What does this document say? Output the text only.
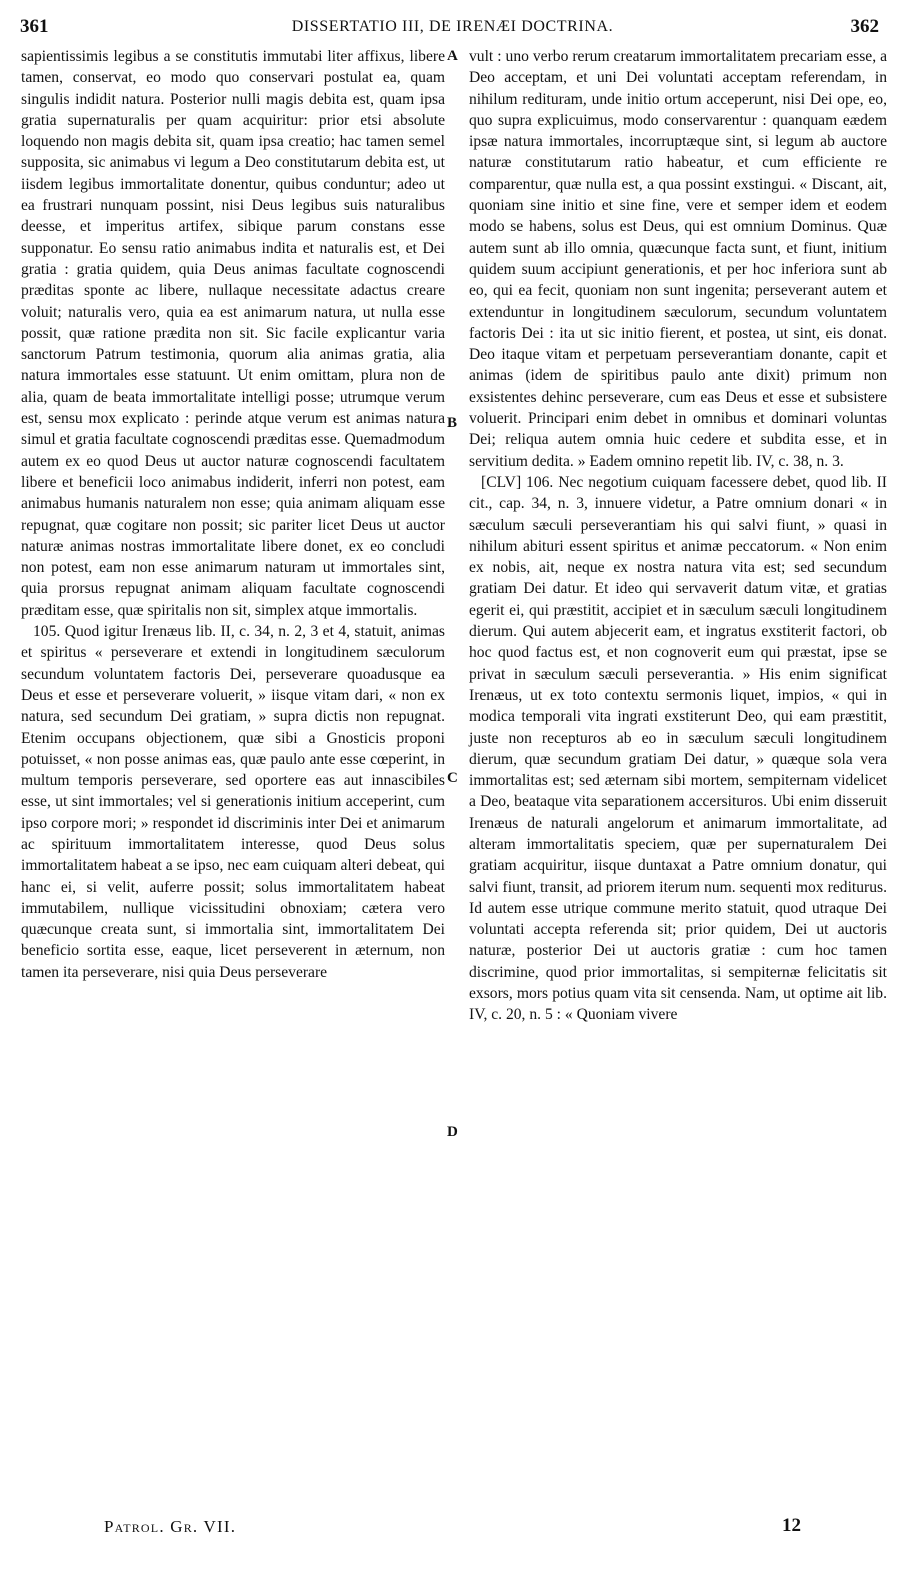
361	DISSERTATIO III, DE IRENÆI DOCTRINA.	362

sapientissimis legibus a se constitutis immutabi liter affixus, libere tamen, conservat, eo modo quo conservari postulat ea, quam singulis indidit natura. Posterior nulli magis debita est, quam ipsa gratia supernaturalis per quam acquiritur: prior etsi absolute loquendo non magis debita sit, quam ipsa creatio; hac tamen semel supposita, sic animabus vi legum a Deo constitutarum debita est, ut iisdem legibus immortalitate donentur, quibus conduntur; adeo ut ea frustrari nunquam possint, nisi Deus legibus suis naturalibus deesse, et imperitus artifex, sibique parum constans esse supponatur. Eo sensu ratio animabus indita et naturalis est, et Dei gratia : gratia quidem, quia Deus animas facultate cognoscendi præditas sponte ac libere, nullaque necessitate adactus creare voluit; naturalis vero, quia ea est animarum natura, ut nulla esse possit, quæ ratione prædita non sit. Sic facile explicantur varia sanctorum Patrum testimonia, quorum alia animas gratia, alia natura immortales esse statuunt. Ut enim omittam, plura non de alia, quam de beata immortalitate intelligi posse; utrumque verum est, sensu mox explicato : perinde atque verum est animas natura simul et gratia facultate cognoscendi præditas esse. Quemadmodum autem ex eo quod Deus ut auctor naturæ cognoscendi facultatem libere et beneficii loco animabus indiderit, inferri non potest, eam animabus humanis naturalem non esse; quia animam aliquam esse repugnat, quæ cogitare non possit; sic pariter licet Deus ut auctor naturæ animas nostras immortalitate libere donet, ex eo concludi non potest, eam non esse animarum naturam ut immortales sint, quia prorsus repugnat animam aliquam facultate cognoscendi præditam esse, quæ spiritalis non sit, simplex atque immortalis.

105. Quod igitur Irenæus lib. II, c. 34, n. 2, 3 et 4, statuit, animas et spiritus « perseverare et extendi in longitudinem sæculorum secundum voluntatem factoris Dei, perseverare quoadusque ea Deus et esse et perseverare voluerit, » iisque vitam dari, « non ex natura, sed secundum Dei gratiam, » supra dictis non repugnat. Etenim occupans objectionem, quæ sibi a Gnosticis proponi potuisset, « non posse animas eas, quæ paulo ante esse cœperint, in multum temporis perseverare, sed oportere eas aut innascibiles esse, ut sint immortales; vel si generationis initium acceperint, cum ipso corpore mori; » respondet id discriminis inter Dei et animarum ac spirituum immortalitatem interesse, quod Deus solus immortalitatem habeat a se ipso, nec eam cuiquam alteri debeat, qui hanc ei, si velit, auferre possit; solus immortalitatem habeat immutabilem, nullique vicissitudini obnoxiam; cætera vero quæcunque creata sunt, si immortalia sint, immortalitatem Dei beneficio sortita esse, eaque, licet perseverent in æternum, non tamen ita perseverare, nisi quia Deus perseverare

A
B
C
D

vult : uno verbo rerum creatarum immortalitatem precariam esse, a Deo acceptam, et uni Dei voluntati acceptam referendam, in nihilum redituram, unde initio ortum acceperunt, nisi Dei ope, eo, quo supra explicuimus, modo conservarentur : quanquam eædem ipsæ natura immortales, incorruptæque sint, si legum ab auctore naturæ constitutarum ratio habeatur, et cum efficiente re comparentur, quæ nulla est, a qua possint exstingui. « Discant, ait, quoniam sine initio et sine fine, vere et semper idem et eodem modo se habens, solus est Deus, qui est omnium Dominus. Quæ autem sunt ab illo omnia, quæcunque facta sunt, et fiunt, initium quidem suum accipiunt generationis, et per hoc inferiora sunt ab eo, qui ea fecit, quoniam non sunt ingenita; perseverant autem et extenduntur in longitudinem sæculorum, secundum voluntatem factoris Dei : ita ut sic initio fierent, et postea, ut sint, eis donat. Deo itaque vitam et perpetuam perseverantiam donante, capit et animas (idem de spiritibus paulo ante dixit) primum non exsistentes dehinc perseverare, cum eas Deus et esse et subsistere voluerit. Principari enim debet in omnibus et dominari voluntas Dei; reliqua autem omnia huic cedere et subdita esse, et in servitium dedita. » Eadem omnino repetit lib. IV, c. 38, n. 3.

[CLV] 106. Nec negotium cuiquam facessere debet, quod lib. II cit., cap. 34, n. 3, innuere videtur, a Patre omnium donari « in sæculum sæculi perseverantiam his qui salvi fiunt, » quasi in nihilum abituri essent spiritus et animæ peccatorum. « Non enim ex nobis, ait, neque ex nostra natura vita est; sed secundum gratiam Dei datur. Et ideo qui servaverit datum vitæ, et gratias egerit ei, qui præstitit, accipiet et in sæculum sæculi longitudinem dierum. Qui autem abjecerit eam, et ingratus exstiterit factori, ob hoc quod factus est, et non cognoverit eum qui præstat, ipse se privat in sæculum sæculi perseverantia. » His enim significat Irenæus, ut ex toto contextu sermonis liquet, impios, « qui in modica temporali vita ingrati exstiterunt Deo, qui eam præstitit, juste non recepturos ab eo in sæculum sæculi longitudinem dierum, quæ secundum gratiam Dei datur, » quæque sola vera immortalitas est; sed æternam sibi mortem, sempiternam videlicet a Deo, beataque vita separationem accersituros. Ubi enim disseruit Irenæus de naturali angelorum et animarum immortalitate, ad alteram immortalitatis speciem, quæ per supernaturalem Dei gratiam acquiritur, iisque duntaxat a Patre omnium donatur, qui salvi fiunt, transit, ad priorem iterum num. sequenti mox rediturus. Id autem esse utrique commune merito statuit, quod utraque Dei voluntati accepta referenda sit; prior quidem, Dei ut auctoris naturæ, posterior Dei ut auctoris gratiæ : cum hoc tamen discrimine, quod prior immortalitas, si sempiternæ felicitatis sit exsors, mors potius quam vita sit censenda. Nam, ut optime ait lib. IV, c. 20, n. 5 : « Quoniam vivere

Patrol. Gr. VII.	12
